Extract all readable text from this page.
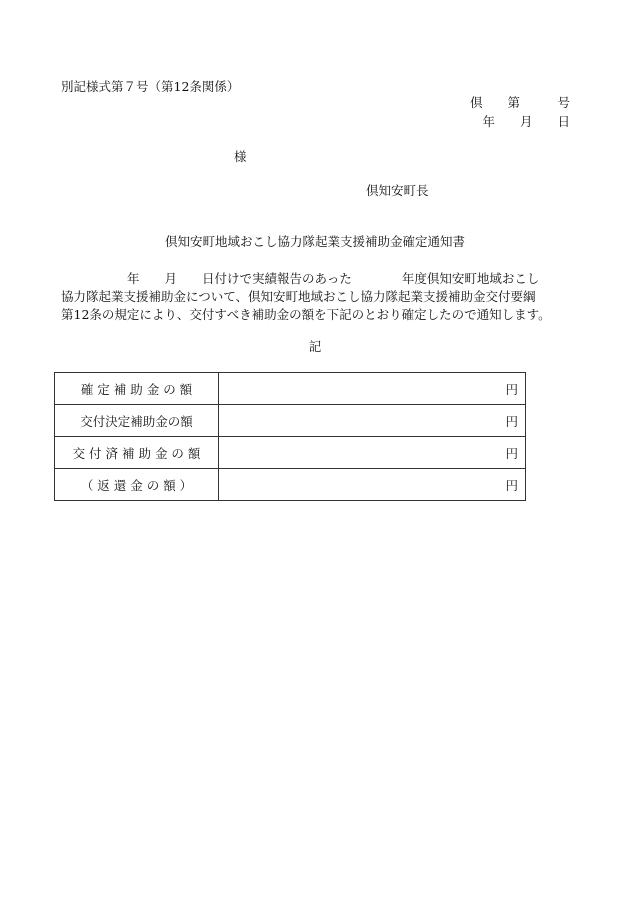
別記様式第７号（第12条関係）
倶　　第　　　号
年　　月　　日
様
倶知安町長
倶知安町地域おこし協力隊起業支援補助金確定通知書
年　　月　　日付けで実績報告のあった　　　　年度倶知安町地域おこし
協力隊起業支援補助金について、倶知安町地域おこし協力隊起業支援補助金交付要綱
第12条の規定により、交付すべき補助金の額を下記のとおり確定したので通知します。
記
確 定 補 助 金 の 額	円
交付決定補助金の額	円
交 付 済 補 助 金 の 額	円
（ 返 還 金 の 額 ）	円
